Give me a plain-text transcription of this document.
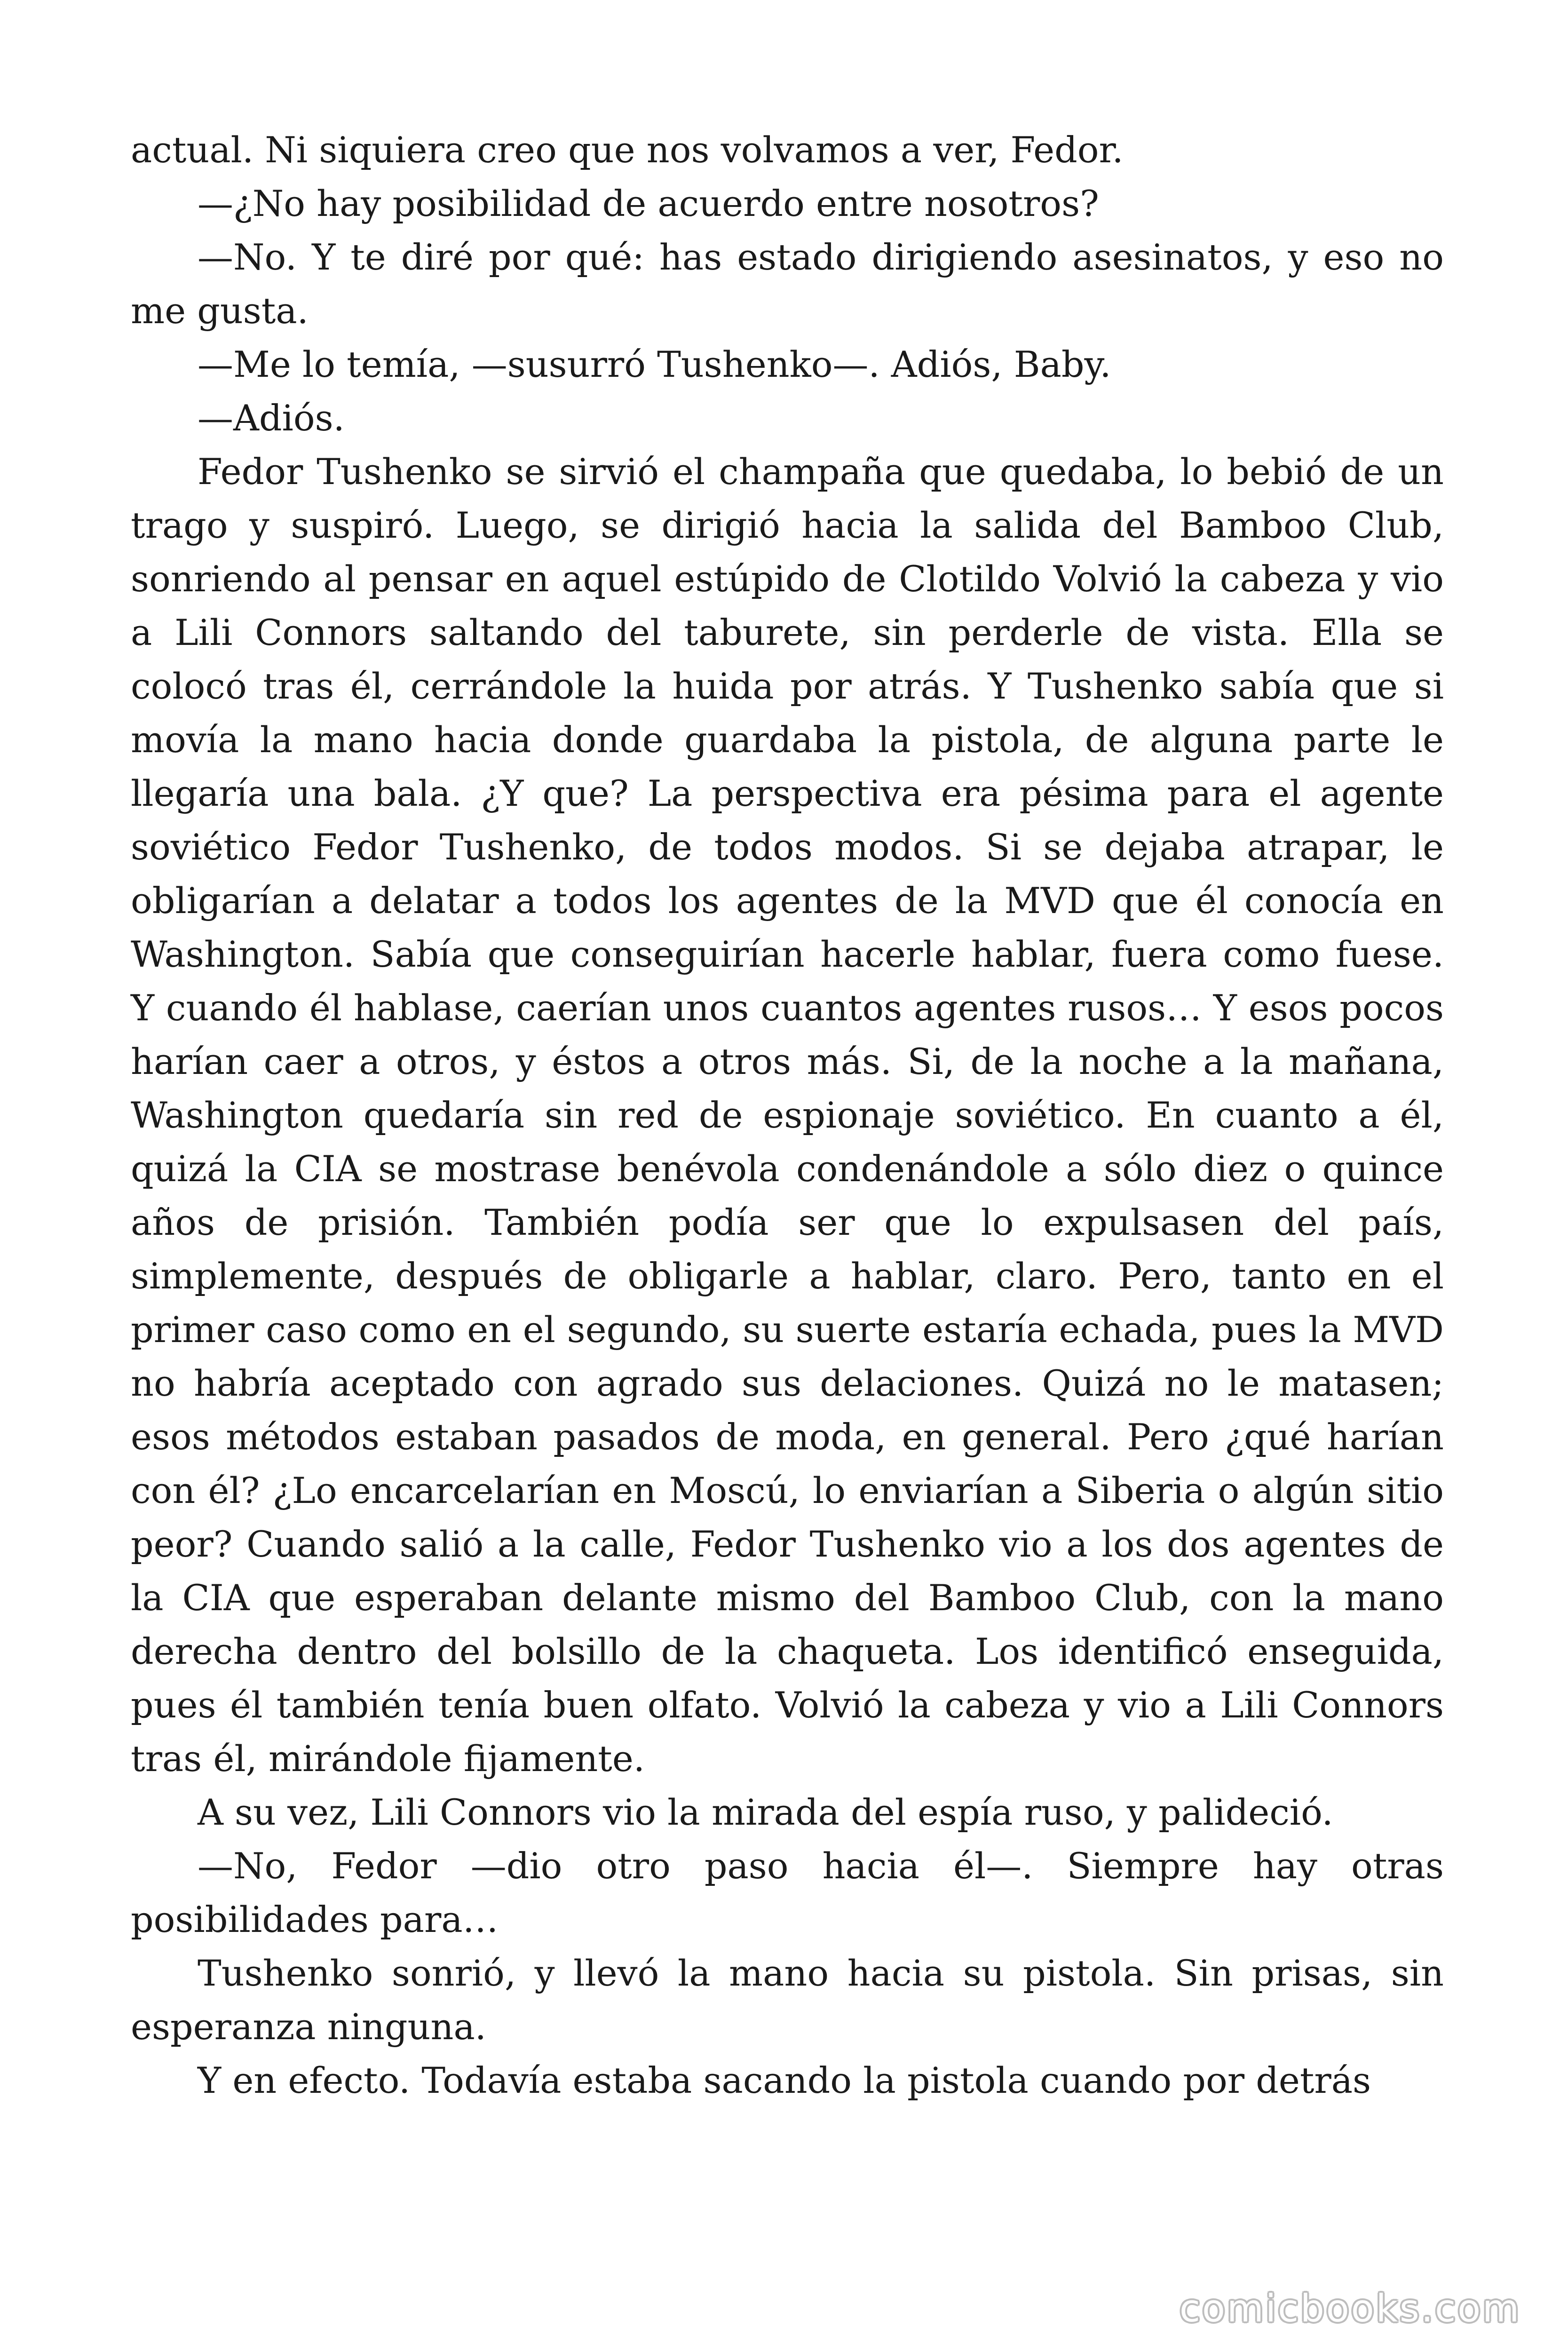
actual. Ni siquiera creo que nos volvamos a ver, Fedor.

—¿No hay posibilidad de acuerdo entre nosotros?

—No. Y te diré por qué: has estado dirigiendo asesinatos, y eso no me gusta.

—Me lo temía, —susurró Tushenko—. Adiós, Baby.

—Adiós.

Fedor Tushenko se sirvió el champaña que quedaba, lo bebió de un trago y suspiró. Luego, se dirigió hacia la salida del Bamboo Club, sonriendo al pensar en aquel estúpido de Clotildo Volvió la cabeza y vio a Lili Connors saltando del taburete, sin perderle de vista. Ella se colocó tras él, cerrándole la huida por atrás. Y Tushenko sabía que si movía la mano hacia donde guardaba la pistola, de alguna parte le llegaría una bala. ¿Y que? La perspectiva era pésima para el agente soviético Fedor Tushenko, de todos modos. Si se dejaba atrapar, le obligarían a delatar a todos los agentes de la MVD que él conocía en Washington. Sabía que conseguirían hacerle hablar, fuera como fuese. Y cuando él hablase, caerían unos cuantos agentes rusos… Y esos pocos harían caer a otros, y éstos a otros más. Si, de la noche a la mañana, Washington quedaría sin red de espionaje soviético. En cuanto a él, quizá la CIA se mostrase benévola condenándole a sólo diez o quince años de prisión. También podía ser que lo expulsasen del país, simplemente, después de obligarle a hablar, claro. Pero, tanto en el primer caso como en el segundo, su suerte estaría echada, pues la MVD no habría aceptado con agrado sus delaciones. Quizá no le matasen; esos métodos estaban pasados de moda, en general. Pero ¿qué harían con él? ¿Lo encarcelarían en Moscú, lo enviarían a Siberia o algún sitio peor? Cuando salió a la calle, Fedor Tushenko vio a los dos agentes de la CIA que esperaban delante mismo del Bamboo Club, con la mano derecha dentro del bolsillo de la chaqueta. Los identificó enseguida, pues él también tenía buen olfato. Volvió la cabeza y vio a Lili Connors tras él, mirándole fijamente.

A su vez, Lili Connors vio la mirada del espía ruso, y palideció.

—No, Fedor —dio otro paso hacia él—. Siempre hay otras posibilidades para…

Tushenko sonrió, y llevó la mano hacia su pistola. Sin prisas, sin esperanza ninguna.

Y en efecto. Todavía estaba sacando la pistola cuando por detrás

comicbooks.com
